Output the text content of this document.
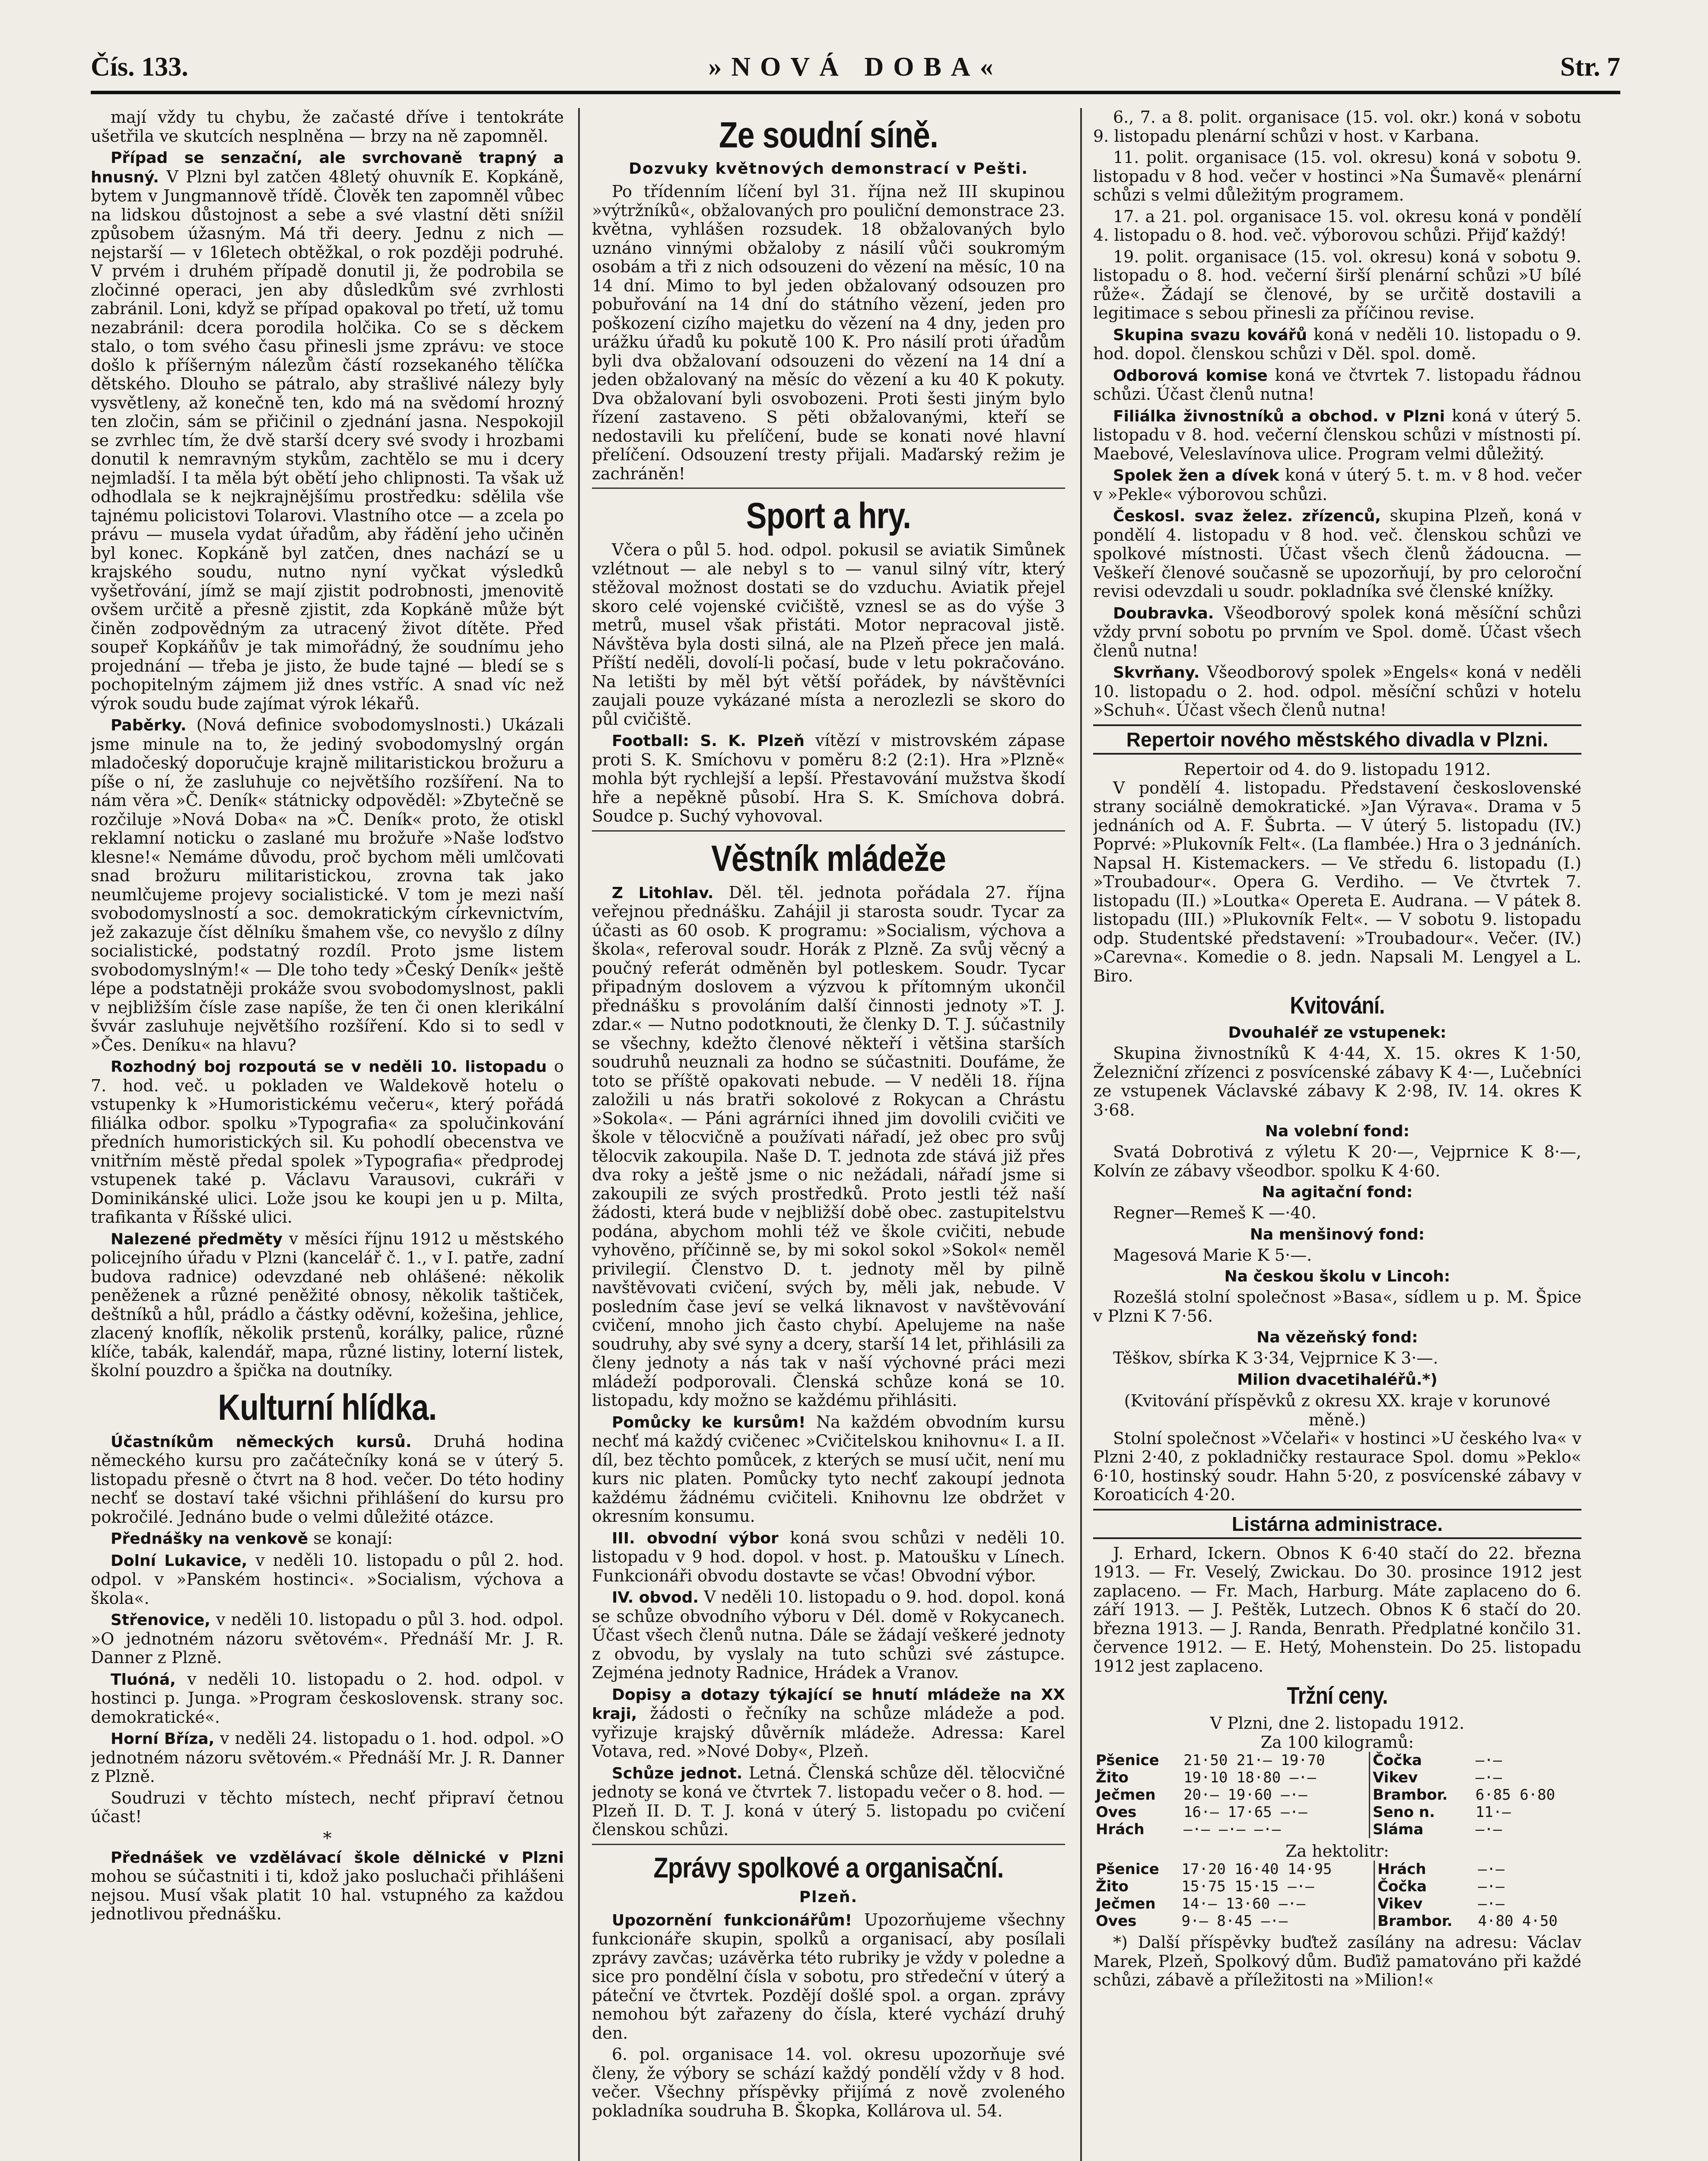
Čís. 133.	»NOVÁ DOBA«	Str. 7

mají vždy tu chybu, že začasté dříve i tentokráte ušetřila ve skutcích nesplněna — brzy na ně zapomněl.

Případ se senzační, ale svrchovaně trapný a hnusný. V Plzni byl zatčen 48letý ohuvník E. Kopkáně, bytem v Jungmannově třídě. Člověk ten zapomněl vůbec na lidskou důstojnost a sebe a své vlastní děti snížil způsobem úžasným. Má tři deery. Jednu z nich — nejstarší — v 16letech obtěžkal, o rok později podruhé. V prvém i druhém případě donutil ji, že podrobila se zločinné operaci, jen aby důsledkům své zvrhlosti zabránil. Loni, když se případ opakoval po třetí, už tomu nezabránil: dcera porodila holčika. Co se s děckem stalo, o tom svého času přinesli jsme zprávu: ve stoce došlo k příšerným nálezům částí rozsekaného tělíčka dětského. Dlouho se pátralo, aby strašlivé nálezy byly vysvětleny, až konečně ten, kdo má na svědomí hrozný ten zločin, sám se přičinil o zjednání jasna. Nespokojil se zvrhlec tím, že dvě starší dcery své svody i hrozbami donutil k nemravným stykům, zachtělo se mu i dcery nejmladší. I ta měla být obětí jeho chlipnosti. Ta však už odhodlala se k nejkrajnějšímu prostředku: sdělila vše tajnému policistovi Tolarovi. Vlastního otce — a zcela po právu — musela vydat úřadům, aby řádění jeho učiněn byl konec. Kopkáně byl zatčen, dnes nachází se u krajského soudu, nutno nyní vyčkat výsledků vyšetřování, jímž se mají zjistit podrobnosti, jmenovitě ovšem určitě a přesně zjistit, zda Kopkáně může být činěn zodpovědným za utracený život dítěte. Před soupeř Kopkáňův je tak mimořádný, že soudnímu jeho projednání — třeba je jisto, že bude tajné — bledí se s pochopitelným zájmem již dnes vstříc. A snad víc než výrok soudu bude zajímat výrok lékařů.

Paběrky. (Nová definice svobodomyslnosti.) Ukázali jsme minule na to, že jediný svobodomyslný orgán mladočeský doporučuje krajně militaristickou brožuru a píše o ní, že zasluhuje co největšího rozšíření. Na to nám věra »Č. Deník« státnicky odpověděl: »Zbytečně se rozčiluje »Nová Doba« na »Č. Deník« proto, že otiskl reklamní noticku o zaslané mu brožuře »Naše loďstvo klesne!« Nemáme důvodu, proč bychom měli umlčovati snad brožuru militaristickou, zrovna tak jako neumlčujeme projevy socialistické. V tom je mezi naší svobodomyslností a soc. demokratickým církevnictvím, jež zakazuje číst dělníku šmahem vše, co nevyšlo z dílny socialistické, podstatný rozdíl. Proto jsme listem svobodomyslným!« — Dle toho tedy »Český Deník« ještě lépe a podstatněji prokáže svou svobodomyslnost, pakli v nejbližším čísle zase napíše, že ten či onen klerikální švvár zasluhuje největšího rozšíření. Kdo si to sedl v »Čes. Deníku« na hlavu?

Rozhodný boj rozpoutá se v neděli 10. listopadu o 7. hod. več. u pokladen ve Waldekově hotelu o vstupenky k »Humoristickému večeru«, který pořádá filiálka odbor. spolku »Typografia« za spolučinkování předních humoristických sil. Ku pohodlí obecenstva ve vnitřním městě předal spolek »Typografia« předprodej vstupenek také p. Václavu Varausovi, cukráři v Dominikánské ulici. Lože jsou ke koupi jen u p. Milta, trafikanta v Říšské ulici.

Nalezené předměty v měsíci říjnu 1912 u městského policejního úřadu v Plzni (kancelář č. 1., v I. patře, zadní budova radnice) odevzdané neb ohlášené: několik peněženek a různé peněžité obnosy, několik taštiček, deštníků a hůl, prádlo a částky oděvní, kožešina, jehlice, zlacený knoflík, několik prstenů, korálky, palice, různé klíče, tabák, kalendář, mapa, různé listiny, loterní listek, školní pouzdro a špička na doutníky.

Kulturní hlídka.

Účastníkům německých kursů. Druhá hodina německého kursu pro začátečníky koná se v úterý 5. listopadu přesně o čtvrt na 8 hod. večer. Do této hodiny nechť se dostaví také všichni přihlášení do kursu pro pokročilé. Jednáno bude o velmi důležité otázce.

Přednášky na venkově se konají:

Dolní Lukavice, v neděli 10. listopadu o půl 2. hod. odpol. v »Panském hostinci«. »Socialism, výchova a škola«.

Střenovice, v neděli 10. listopadu o půl 3. hod. odpol. »O jednotném názoru světovém«. Přednáší Mr. J. R. Danner z Plzně.

Tluóná, v neděli 10. listopadu o 2. hod. odpol. v hostinci p. Junga. »Program československ. strany soc. demokratické«.

Horní Bříza, v neděli 24. listopadu o 1. hod. odpol. »O jednotném názoru světovém.« Přednáší Mr. J. R. Danner z Plzně.

Soudruzi v těchto místech, nechť připraví četnou účast!

*

Přednášek ve vzdělávací škole dělnické v Plzni mohou se súčastniti i ti, kdož jako posluchači přihlášeni nejsou. Musí však platit 10 hal. vstupného za každou jednotlivou přednášku.

Ze soudní síně.
Dozvuky květnových demonstrací v Pešti.

Po třídenním líčení byl 31. října než III skupinou »výtržníků«, obžalovaných pro pouliční demonstrace 23. května, vyhlášen rozsudek. 18 obžalovaných bylo uznáno vinnými obžaloby z násilí vůči soukromým osobám a tři z nich odsouzeni do vězení na měsíc, 10 na 14 dní. Mimo to byl jeden obžalovaný odsouzen pro pobuřování na 14 dní do státního vězení, jeden pro poškození cizího majetku do vězení na 4 dny, jeden pro urážku úřadů ku pokutě 100 K. Pro násilí proti úřadům byli dva obžalovaní odsouzeni do vězení na 14 dní a jeden obžalovaný na měsíc do vězení a ku 40 K pokuty. Dva obžalovaní byli osvobozeni. Proti šesti jiným bylo řízení zastaveno. S pěti obžalovanými, kteří se nedostavili ku přelíčení, bude se konati nové hlavní přelíčení. Odsouzení tresty přijali. Maďarský režim je zachráněn!

Sport a hry.

Včera o půl 5. hod. odpol. pokusil se aviatik Simůnek vzlétnout — ale nebyl s to — vanul silný vítr, který stěžoval možnost dostati se do vzduchu. Aviatik přejel skoro celé vojenské cvičiště, vznesl se as do výše 3 metrů, musel však přistáti. Motor nepracoval jistě. Návštěva byla dosti silná, ale na Plzeň přece jen malá. Příští neděli, dovolí-li počasí, bude v letu pokračováno. Na letišti by měl být větší pořádek, by návštěvníci zaujali pouze vykázané místa a nerozlezli se skoro do půl cvičiště.

Football: S. K. Plzeň vítězí v mistrovském zápase proti S. K. Smíchovu v poměru 8:2 (2:1). Hra »Plzně« mohla být rychlejší a lepší. Přestavování mužstva škodí hře a nepěkně působí. Hra S. K. Smíchova dobrá. Soudce p. Suchý vyhovoval.

Věstník mládeže

Z Litohlav. Děl. těl. jednota pořádala 27. října veřejnou přednášku. Zahájil ji starosta soudr. Tycar za účasti as 60 osob. K programu: »Socialism, výchova a škola«, referoval soudr. Horák z Plzně. Za svůj věcný a poučný referát odměněn byl potleskem. Soudr. Tycar připadným doslovem a výzvou k přítomným ukončil přednášku s provoláním další činnosti jednoty »T. J. zdar.« — Nutno podotknouti, že členky D. T. J. súčastnily se všechny, kdežto členové někteří i většina starších soudruhů neuznali za hodno se súčastniti. Doufáme, že toto se příště opakovati nebude. — V neděli 18. října založili u nás bratři sokolové z Rokycan a Chrástu »Sokola«. — Páni agrárníci ihned jim dovolili cvičiti ve škole v tělocvičně a používati nářadí, jež obec pro svůj tělocvik zakoupila. Naše D. T. jednota zde stává již přes dva roky a ještě jsme o nic nežádali, nářadí jsme si zakoupili ze svých prostředků. Proto jestli též naší žádosti, která bude v nejbližší době obec. zastupitelstvu podána, abychom mohli též ve škole cvičiti, nebude vyhověno, příčinně se, by mi sokol sokol »Sokol« neměl privilegií. Členstvo D. t. jednoty měl by pilně navštěvovati cvičení, svých by, měli jak, nebude. V posledním čase jeví se velká liknavost v navštěvování cvičení, mnoho jich často chybí. Apelujeme na naše soudruhy, aby své syny a dcery, starší 14 let, přihlásili za členy jednoty a nás tak v naší výchovné práci mezi mládeží podporovali. Členská schůze koná se 10. listopadu, kdy možno se každému přihlásiti.

Pomůcky ke kursům! Na každém obvodním kursu nechť má každý cvičenec »Cvičitelskou knihovnu« I. a II. díl, bez těchto pomůcek, z kterých se musí učit, není mu kurs nic platen. Pomůcky tyto nechť zakoupí jednota každému žádnému cvičiteli. Knihovnu lze obdržet v okresním konsumu.

III. obvodní výbor koná svou schůzi v neděli 10. listopadu v 9 hod. dopol. v host. p. Matoušku v Línech. Funkcionáři obvodu dostavte se včas! Obvodní výbor.

IV. obvod. V neděli 10. listopadu o 9. hod. dopol. koná se schůze obvodního výboru v Dél. domě v Rokycanech. Účast všech členů nutna. Dále se žádají veškeré jednoty z obvodu, by vyslaly na tuto schůzi své zástupce. Zejména jednoty Radnice, Hrádek a Vranov.

Dopisy a dotazy týkající se hnutí mládeže na XX kraji, žádosti o řečníky na schůze mládeže a pod. vyřizuje krajský důvěrník mládeže. Adressa: Karel Votava, red. »Nové Doby«, Plzeň.

Schůze jednot. Letná. Členská schůze děl. tělocvičné jednoty se koná ve čtvrtek 7. listopadu večer o 8. hod. — Plzeň II. D. T. J. koná v úterý 5. listopadu po cvičení členskou schůzi.

Zprávy spolkové a organisační.
Plzeň.

Upozornění funkcionářům! Upozorňujeme všechny funkcionáře skupin, spolků a organisací, aby posílali zprávy zavčas; uzávěrka této rubriky je vždy v poledne a sice pro pondělní čísla v sobotu, pro středeční v úterý a páteční ve čtvrtek. Pozdějí došlé spol. a organ. zprávy nemohou být zařazeny do čísla, které vychází druhý den.

6. pol. organisace 14. vol. okresu upozorňuje své členy, že výbory se schází každý pondělí vždy v 8 hod. večer. Všechny příspěvky přijímá z nově zvoleného pokladníka soudruha B. Škopka, Kollárova ul. 54.

6., 7. a 8. polit. organisace (15. vol. okr.) koná v sobotu 9. listopadu plenární schůzi v host. v Karbana.

11. polit. organisace (15. vol. okresu) koná v sobotu 9. listopadu v 8 hod. večer v hostinci »Na Šumavě« plenární schůzi s velmi důležitým programem.

17. a 21. pol. organisace 15. vol. okresu koná v pondělí 4. listopadu o 8. hod. več. výborovou schůzi. Přijď každý!

19. polit. organisace (15. vol. okresu) koná v sobotu 9. listopadu o 8. hod. večerní širší plenární schůzi »U bílé růže«. Žádají se členové, by se určitě dostavili a legitimace s sebou přinesli za příčinou revise.

Skupina svazu kovářů koná v neděli 10. listopadu o 9. hod. dopol. členskou schůzi v Děl. spol. domě.

Odborová komise koná ve čtvrtek 7. listopadu řádnou schůzi. Účast členů nutna!

Filiálka živnostníků a obchod. v Plzni koná v úterý 5. listopadu v 8. hod. večerní členskou schůzi v místnosti pí. Maebové, Veleslavínova ulice. Program velmi důležitý.

Spolek žen a dívek koná v úterý 5. t. m. v 8 hod. večer v »Pekle« výborovou schůzi.

Českosl. svaz želez. zřízenců, skupina Plzeň, koná v pondělí 4. listopadu v 8 hod. več. členskou schůzi ve spolkové místnosti. Účast všech členů žádoucna. — Veškeří členové současně se upozorňují, by pro celoroční revisi odevzdali u soudr. pokladníka své členské knížky.

Doubravka. Všeodborový spolek koná měsíční schůzi vždy první sobotu po prvním ve Spol. domě. Účast všech členů nutna!

Skvrňany. Všeodborový spolek »Engels« koná v neděli 10. listopadu o 2. hod. odpol. měsíční schůzi v hotelu »Schuh«. Účast všech členů nutna!

Repertoir nového městského divadla v Plzni.

Repertoir od 4. do 9. listopadu 1912.

V pondělí 4. listopadu. Představení československé strany sociálně demokratické. »Jan Výrava«. Drama v 5 jednáních od A. F. Šubrta. — V úterý 5. listopadu (IV.) Poprvé: »Plukovník Felt«. (La flambée.) Hra o 3 jednáních. Napsal H. Kistemackers. — Ve středu 6. listopadu (I.) »Troubadour«. Opera G. Verdiho. — Ve čtvrtek 7. listopadu (II.) »Loutka« Opereta E. Audrana. — V pátek 8. listopadu (III.) »Plukovník Felt«. — V sobotu 9. listopadu odp. Studentské představení: »Troubadour«. Večer. (IV.) »Carevna«. Komedie o 8. jedn. Napsali M. Lengyel a L. Biro.

Kvitování.
Dvouhaléř ze vstupenek:

Skupina živnostníků K 4·44, X. 15. okres K 1·50, Železniční zřízenci z posvícenské zábavy K 4·—, Lučebníci ze vstupenek Václavské zábavy K 2·98, IV. 14. okres K 3·68.

Na volební fond:

Svatá Dobrotivá z výletu K 20·—, Vejprnice K 8·—, Kolvín ze zábavy všeodbor. spolku K 4·60.

Na agitační fond:

Regner—Remeš K —·40.

Na menšinový fond:

Magesová Marie K 5·—.

Na českou školu v Lincoh:

Rozešlá stolní společnost »Basa«, sídlem u p. M. Špice v Plzni K 7·56.

Na vězeňský fond:

Těškov, sbírka K 3·34, Vejprnice K 3·—.

Milion dvacetihaléřů.*)

(Kvitování příspěvků z okresu XX. kraje v korunové měně.)

Stolní společnost »Včelaři« v hostinci »U českého lva« v Plzni 2·40, z pokladničky restaurace Spol. domu »Peklo« 6·10, hostinský soudr. Hahn 5·20, z posvícenské zábavy v Koroaticích 4·20.

Listárna administrace.

J. Erhard, Ickern. Obnos K 6·40 stačí do 22. března 1913. — Fr. Veselý, Zwickau. Do 30. prosince 1912 jest zaplaceno. — Fr. Mach, Harburg. Máte zaplaceno do 6. září 1913. — J. Peštěk, Lutzech. Obnos K 6 stačí do 20. března 1913. — J. Randa, Benrath. Předplatné končilo 31. července 1912. — E. Hetý, Mohenstein. Do 25. listopadu 1912 jest zaplaceno.

Tržní ceny.

V Plzni, dne 2. listopadu 1912.

Za 100 kilogramů:

Pšenice	21·50 21·— 19·70	Čočka	—·—
Žito	19·10 18·80 —·—	Vikev	—·—
Ječmen	20·— 19·60 —·—	Brambor.	6·85 6·80
Oves	16·— 17·65 —·—	Seno n.	11·—
Hrách	—·— —·— —·—	Sláma	—·—

Za hektolitr:

Pšenice	17·20 16·40 14·95	Hrách	—·—
Žito	15·75 15·15 —·—	Čočka	—·—
Ječmen	14·— 13·60 —·—	Vikev	—·—
Oves	9·— 8·45 —·—	Brambor.	4·80 4·50

*) Další příspěvky buďtež zasílány na adresu: Václav Marek, Plzeň, Spolkový dům. Buďiž pamatováno při každé schůzi, zábavě a příležitosti na »Milion!«
